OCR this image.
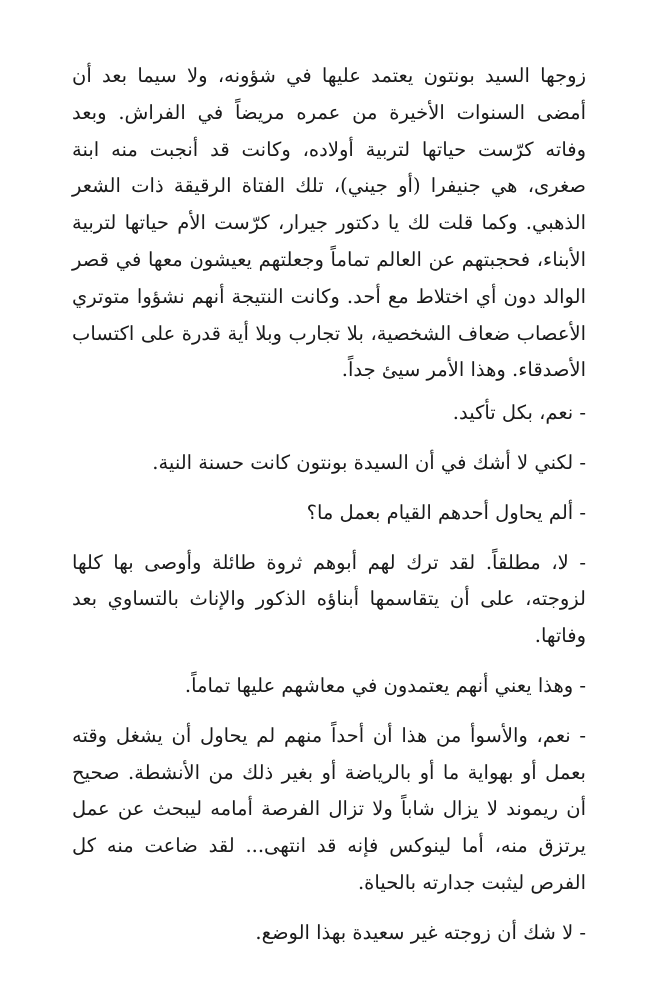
زوجها السيد بونتون يعتمد عليها في شؤونه، ولا سيما بعد أن أمضى السنوات الأخيرة من عمره مريضاً في الفراش. وبعد وفاته كرّست حياتها لتربية أولاده، وكانت قد أنجبت منه ابنة صغرى، هي جنيفرا (أو جيني)، تلك الفتاة الرقيقة ذات الشعر الذهبي. وكما قلت لك يا دكتور جيرار، كرّست الأم حياتها لتربية الأبناء، فحجبتهم عن العالم تماماً وجعلتهم يعيشون معها في قصر الوالد دون أي اختلاط مع أحد. وكانت النتيجة أنهم نشؤوا متوتري الأعصاب ضعاف الشخصية، بلا تجارب وبلا أية قدرة على اكتساب الأصدقاء. وهذا الأمر سيئ جداً.

- نعم، بكل تأكيد.

- لكني لا أشك في أن السيدة بونتون كانت حسنة النية.

- ألم يحاول أحدهم القيام بعمل ما؟

- لا، مطلقاً. لقد ترك لهم أبوهم ثروة طائلة وأوصى بها كلها لزوجته، على أن يتقاسمها أبناؤه الذكور والإناث بالتساوي بعد وفاتها.

- وهذا يعني أنهم يعتمدون في معاشهم عليها تماماً.

- نعم، والأسوأ من هذا أن أحداً منهم لم يحاول أن يشغل وقته بعمل أو بهواية ما أو بالرياضة أو بغير ذلك من الأنشطة. صحيح أن ريموند لا يزال شاباً ولا تزال الفرصة أمامه ليبحث عن عمل يرتزق منه، أما لينوكس فإنه قد انتهى... لقد ضاعت منه كل الفرص ليثبت جدارته بالحياة.

- لا شك أن زوجته غير سعيدة بهذا الوضع.
